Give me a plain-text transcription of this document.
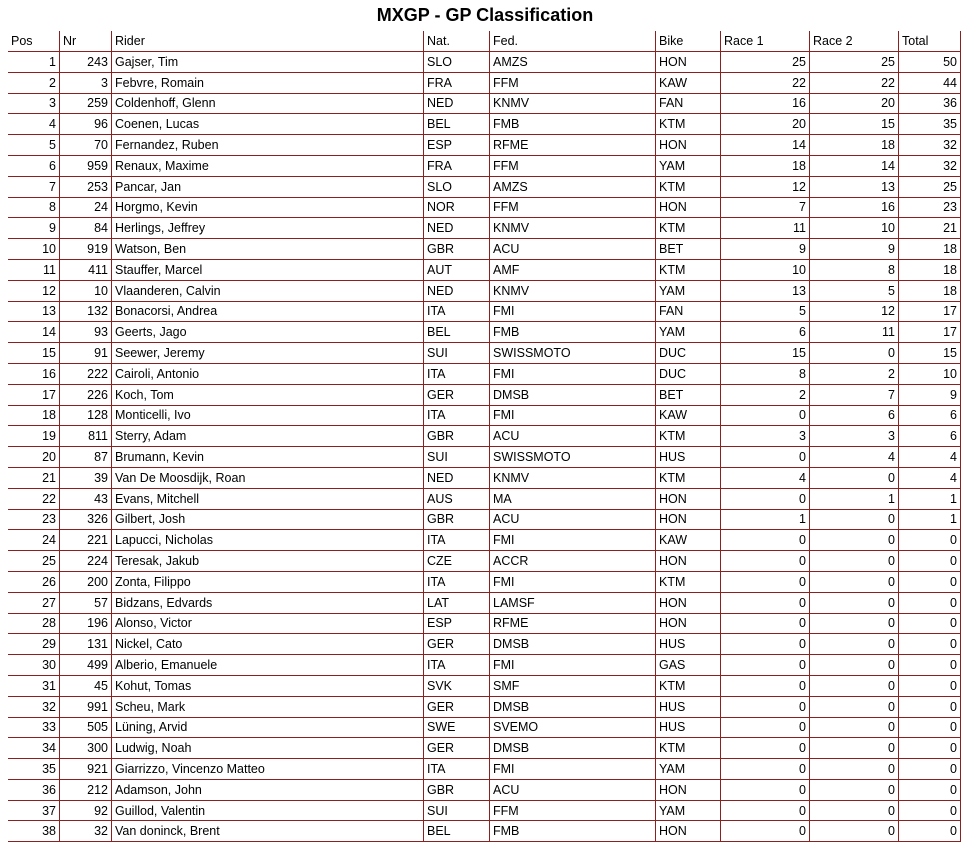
MXGP - GP Classification
Pos	Nr	Rider	Nat.	Fed.	Bike	Race 1	Race 2	Total
1	243	Gajser, Tim	SLO	AMZS	HON	25	25	50
2	3	Febvre, Romain	FRA	FFM	KAW	22	22	44
3	259	Coldenhoff, Glenn	NED	KNMV	FAN	16	20	36
4	96	Coenen, Lucas	BEL	FMB	KTM	20	15	35
5	70	Fernandez, Ruben	ESP	RFME	HON	14	18	32
6	959	Renaux, Maxime	FRA	FFM	YAM	18	14	32
7	253	Pancar, Jan	SLO	AMZS	KTM	12	13	25
8	24	Horgmo, Kevin	NOR	FFM	HON	7	16	23
9	84	Herlings, Jeffrey	NED	KNMV	KTM	11	10	21
10	919	Watson, Ben	GBR	ACU	BET	9	9	18
11	411	Stauffer, Marcel	AUT	AMF	KTM	10	8	18
12	10	Vlaanderen, Calvin	NED	KNMV	YAM	13	5	18
13	132	Bonacorsi, Andrea	ITA	FMI	FAN	5	12	17
14	93	Geerts, Jago	BEL	FMB	YAM	6	11	17
15	91	Seewer, Jeremy	SUI	SWISSMOTO	DUC	15	0	15
16	222	Cairoli, Antonio	ITA	FMI	DUC	8	2	10
17	226	Koch, Tom	GER	DMSB	BET	2	7	9
18	128	Monticelli, Ivo	ITA	FMI	KAW	0	6	6
19	811	Sterry, Adam	GBR	ACU	KTM	3	3	6
20	87	Brumann, Kevin	SUI	SWISSMOTO	HUS	0	4	4
21	39	Van De Moosdijk, Roan	NED	KNMV	KTM	4	0	4
22	43	Evans, Mitchell	AUS	MA	HON	0	1	1
23	326	Gilbert, Josh	GBR	ACU	HON	1	0	1
24	221	Lapucci, Nicholas	ITA	FMI	KAW	0	0	0
25	224	Teresak, Jakub	CZE	ACCR	HON	0	0	0
26	200	Zonta, Filippo	ITA	FMI	KTM	0	0	0
27	57	Bidzans, Edvards	LAT	LAMSF	HON	0	0	0
28	196	Alonso, Victor	ESP	RFME	HON	0	0	0
29	131	Nickel, Cato	GER	DMSB	HUS	0	0	0
30	499	Alberio, Emanuele	ITA	FMI	GAS	0	0	0
31	45	Kohut, Tomas	SVK	SMF	KTM	0	0	0
32	991	Scheu, Mark	GER	DMSB	HUS	0	0	0
33	505	Lüning, Arvid	SWE	SVEMO	HUS	0	0	0
34	300	Ludwig, Noah	GER	DMSB	KTM	0	0	0
35	921	Giarrizzo, Vincenzo Matteo	ITA	FMI	YAM	0	0	0
36	212	Adamson, John	GBR	ACU	HON	0	0	0
37	92	Guillod, Valentin	SUI	FFM	YAM	0	0	0
38	32	Van doninck, Brent	BEL	FMB	HON	0	0	0
